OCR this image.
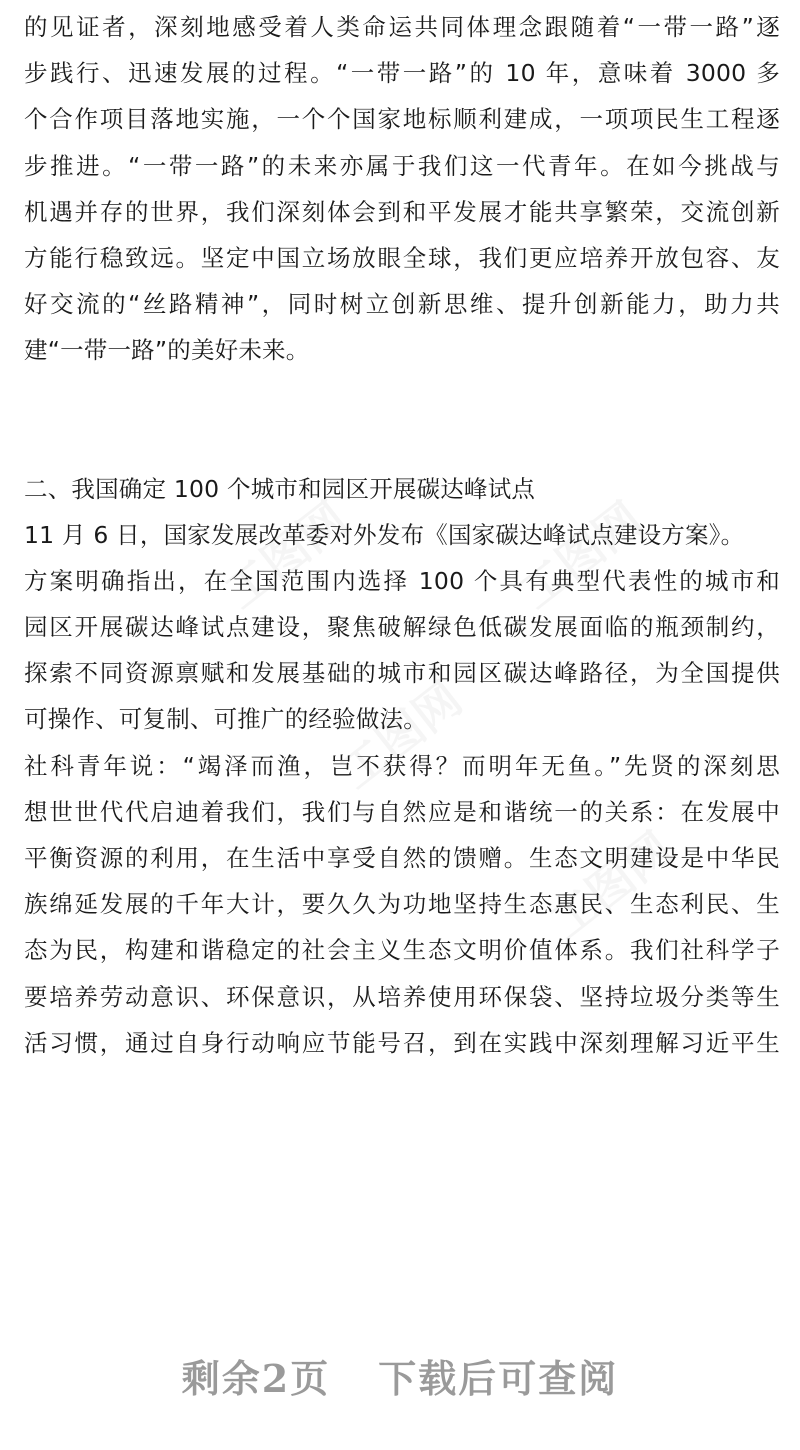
工图网	工图网
工图网
工图网
的见证者，深刻地感受着人类命运共同体理念跟随着“一带一路”逐
步践行、迅速发展的过程。“一带一路”的 10 年，意味着 3000 多
个合作项目落地实施，一个个国家地标顺利建成，一项项民生工程逐
步推进。“一带一路”的未来亦属于我们这一代青年。在如今挑战与
机遇并存的世界，我们深刻体会到和平发展才能共享繁荣，交流创新
方能行稳致远。坚定中国立场放眼全球，我们更应培养开放包容、友
好交流的“丝路精神”，同时树立创新思维、提升创新能力，助力共
建“一带一路”的美好未来。
二、我国确定 100 个城市和园区开展碳达峰试点
11 月 6 日，国家发展改革委对外发布《国家碳达峰试点建设方案》。
方案明确指出，在全国范围内选择 100 个具有典型代表性的城市和
园区开展碳达峰试点建设，聚焦破解绿色低碳发展面临的瓶颈制约，
探索不同资源禀赋和发展基础的城市和园区碳达峰路径，为全国提供
可操作、可复制、可推广的经验做法。
社科青年说：“竭泽而渔，岂不获得？而明年无鱼。”先贤的深刻思
想世世代代启迪着我们，我们与自然应是和谐统一的关系：在发展中
平衡资源的利用，在生活中享受自然的馈赠。生态文明建设是中华民
族绵延发展的千年大计，要久久为功地坚持生态惠民、生态利民、生
态为民，构建和谐稳定的社会主义生态文明价值体系。我们社科学子
要培养劳动意识、环保意识，从培养使用环保袋、坚持垃圾分类等生
活习惯，通过自身行动响应节能号召，到在实践中深刻理解习近平生
剩余2页 下载后可查阅
